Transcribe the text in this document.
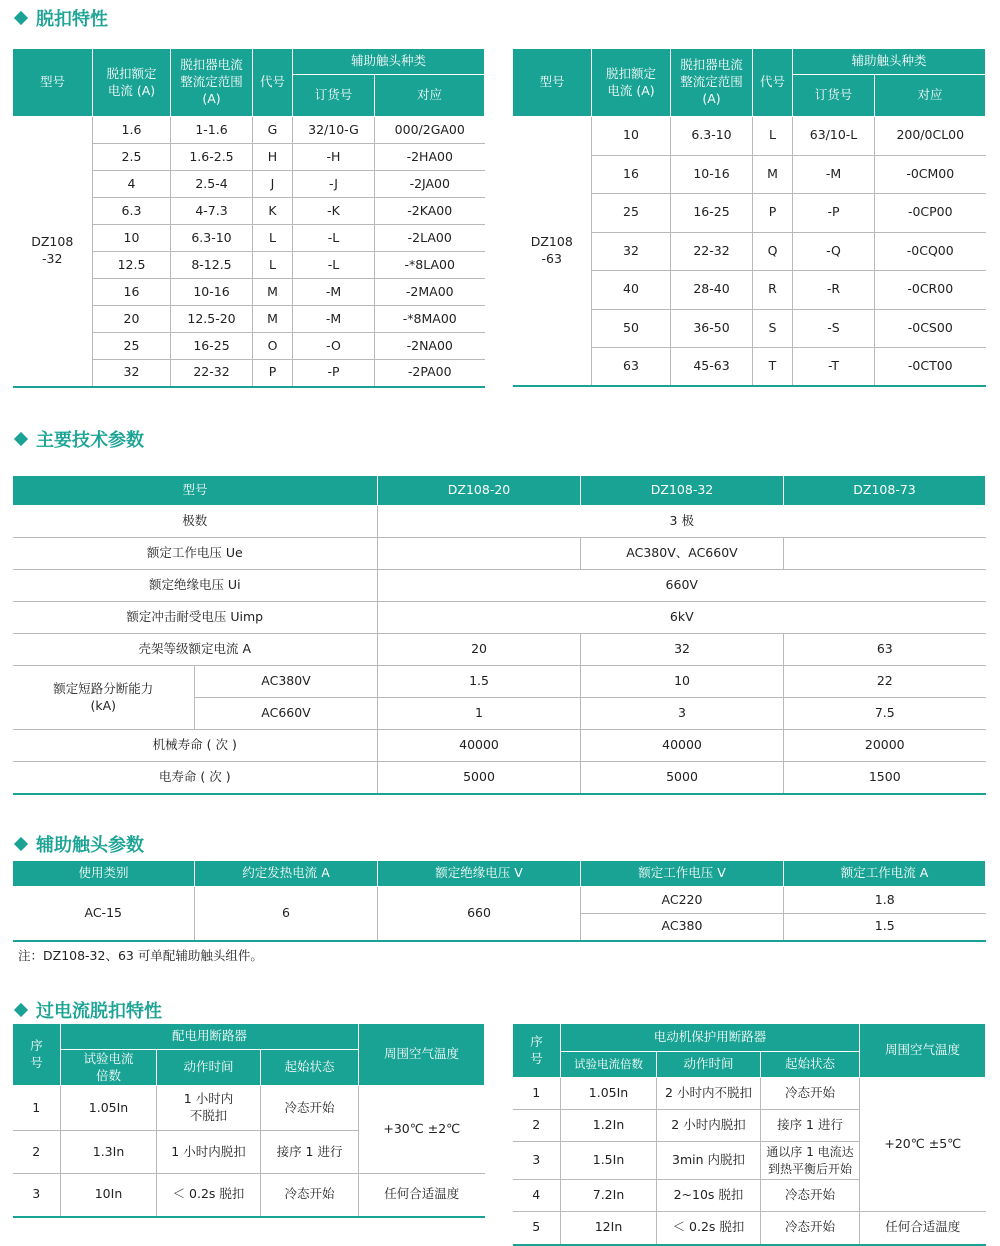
脱扣特性
型号	脱扣额定电流 (A)	脱扣器电流整流定范围 (A)	代号	辅助触头种类	
				订货号	对应
DZ108 -32	1.6	1-1.6	G	32/10-G	000/2GA00
	2.5	1.6-2.5	H	-H	-2HA00
	4	2.5-4	J	-J	-2JA00
	6.3	4-7.3	K	-K	-2KA00
	10	6.3-10	L	-L	-2LA00
	12.5	8-12.5	L	-L	-*8LA00
	16	10-16	M	-M	-2MA00
	20	12.5-20	M	-M	-*8MA00
	25	16-25	O	-O	-2NA00
	32	22-32	P	-P	-2PA00
型号	脱扣额定电流 (A)	脱扣器电流整流定范围 (A)	代号	辅助触头种类	
				订货号	对应
DZ108 -63	10	6.3-10	L	63/10-L	200/0CL00
	16	10-16	M	-M	-0CM00
	25	16-25	P	-P	-0CP00
	32	22-32	Q	-Q	-0CQ00
	40	28-40	R	-R	-0CR00
	50	36-50	S	-S	-0CS00
	63	45-63	T	-T	-0CT00
主要技术参数
型号		DZ108-20	DZ108-32	DZ108-73
极数		3 极		
额定工作电压 Ue			AC380V、AC660V	
额定绝缘电压 Ui		660V		
额定冲击耐受电压 Uimp		6kV		
壳架等级额定电流 A		20	32	63
额定短路分断能力 (kA)	AC380V	1.5	10	22
	AC660V	1	3	7.5
机械寿命 ( 次 )		40000	40000	20000
电寿命 ( 次 )		5000	5000	1500
辅助触头参数
使用类别	约定发热电流 A	额定绝缘电压 V	额定工作电压 V	额定工作电流 A
AC-15	6	660	AC220	1.8
			AC380	1.5
注：DZ108-32、63 可单配辅助触头组件。
过电流脱扣特性
序号	配电用断路器			周围空气温度
	试验电流倍数	动作时间	起始状态	
1	1.05In	1 小时内不脱扣	冷态开始	+30℃ ±2℃
2	1.3In	1 小时内脱扣	接序 1 进行	
3	10In	＜ 0.2s 脱扣	冷态开始	任何合适温度
序号	电动机保护用断路器			周围空气温度
	试验电流倍数	动作时间	起始状态	
1	1.05In	2 小时内不脱扣	冷态开始	+20℃ ±5℃
2	1.2In	2 小时内脱扣	接序 1 进行	
3	1.5In	3min 内脱扣	通以序 1 电流达到热平衡后开始	
4	7.2In	2~10s 脱扣	冷态开始	
5	12In	＜ 0.2s 脱扣	冷态开始	任何合适温度
